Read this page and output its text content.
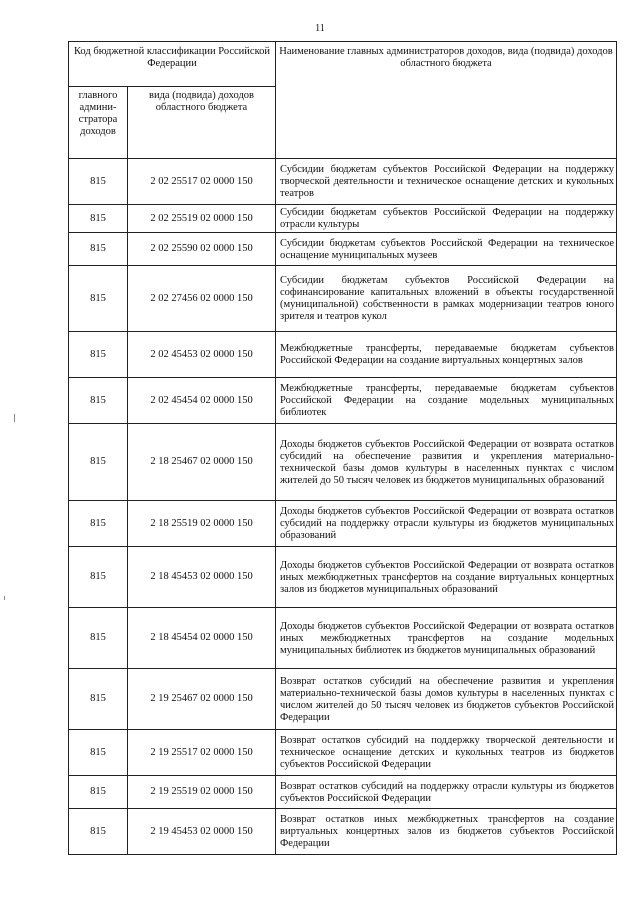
11
Код бюджетной классификации Российской Федерации		Наименование главных администраторов доходов, вида (подвида) доходов областного бюджета
главного админи-стратора доходов	вида (подвида) доходов областного бюджета	
815	2 02 25517 02 0000 150	Субсидии бюджетам субъектов Российской Федерации на поддержку творческой деятельности и техническое оснащение детских и кукольных театров
815	2 02 25519 02 0000 150	Субсидии бюджетам субъектов Российской Федерации на поддержку отрасли культуры
815	2 02 25590 02 0000 150	Субсидии бюджетам субъектов Российской Федерации на техническое оснащение муниципальных музеев
815	2 02 27456 02 0000 150	Субсидии бюджетам субъектов Российской Федерации на софинансирование капитальных вложений в объекты государственной (муниципальной) собственности в рамках модернизации театров юного зрителя и театров кукол
815	2 02 45453 02 0000 150	Межбюджетные трансферты, передаваемые бюджетам субъектов Российской Федерации на создание виртуальных концертных залов
815	2 02 45454 02 0000 150	Межбюджетные трансферты, передаваемые бюджетам субъектов Российской Федерации на создание модельных муниципальных библиотек
815	2 18 25467 02 0000 150	Доходы бюджетов субъектов Российской Федерации от возврата остатков субсидий на обеспечение развития и укрепления материально-технической базы домов культуры в населенных пунктах с числом жителей до 50 тысяч человек из бюджетов муниципальных образований
815	2 18 25519 02 0000 150	Доходы бюджетов субъектов Российской Федерации от возврата остатков субсидий на поддержку отрасли культуры из бюджетов муниципальных образований
815	2 18 45453 02 0000 150	Доходы бюджетов субъектов Российской Федерации от возврата остатков иных межбюджетных трансфертов на создание виртуальных концертных залов из бюджетов муниципальных образований
815	2 18 45454 02 0000 150	Доходы бюджетов субъектов Российской Федерации от возврата остатков иных межбюджетных трансфертов на создание модельных муниципальных библиотек из бюджетов муниципальных образований
815	2 19 25467 02 0000 150	Возврат остатков субсидий на обеспечение развития и укрепления материально-технической базы домов культуры в населенных пунктах с числом жителей до 50 тысяч человек из бюджетов субъектов Российской Федерации
815	2 19 25517 02 0000 150	Возврат остатков субсидий на поддержку творческой деятельности и техническое оснащение детских и кукольных театров из бюджетов субъектов Российской Федерации
815	2 19 25519 02 0000 150	Возврат остатков субсидий на поддержку отрасли культуры из бюджетов субъектов Российской Федерации
815	2 19 45453 02 0000 150	Возврат остатков иных межбюджетных трансфертов на создание виртуальных концертных залов из бюджетов субъектов Российской Федерации
